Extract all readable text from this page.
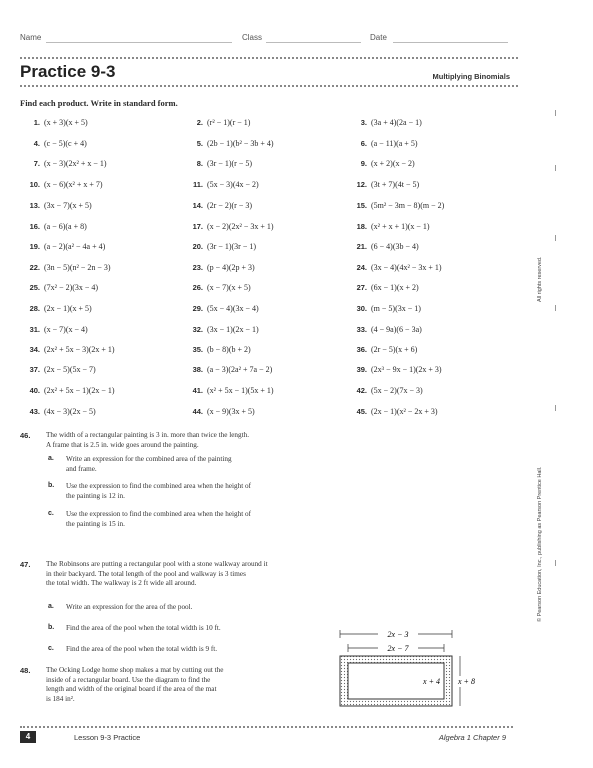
Name	Class	Date
Practice 9-3	Multiplying Binomials
Find each product. Write in standard form.
1. (x + 3)(x + 5)	2. (r² − 1)(r − 1)	3. (3a + 4)(2a − 1)
4. (c − 5)(c + 4)	5. (2b − 1)(b² − 3b + 4)	6. (a − 11)(a + 5)
7. (x − 3)(2x² + x − 1)	8. (3r − 1)(r − 5)	9. (x + 2)(x − 2)
10. (x − 6)(x² + x + 7)	11. (5x − 3)(4x − 2)	12. (3t + 7)(4t − 5)
13. (3x − 7)(x + 5)	14. (2r − 2)(r − 3)	15. (5m² − 3m − 8)(m − 2)
16. (a − 6)(a + 8)	17. (x − 2)(2x² − 3x + 1)	18. (x² + x + 1)(x − 1)
19. (a − 2)(a² − 4a + 4)	20. (3r − 1)(3r − 1)	21. (6 − 4)(3b − 4)
22. (3n − 5)(n² − 2n − 3)	23. (p − 4)(2p + 3)	24. (3x − 4)(4x² − 3x + 1)
25. (7x² − 2)(3x − 4)	26. (x − 7)(x + 5)	27. (6x − 1)(x + 2)
28. (2x − 1)(x + 5)	29. (5x − 4)(3x − 4)	30. (m − 5)(3x − 1)
31. (x − 7)(x − 4)	32. (3x − 1)(2x − 1)	33. (4 − 9a)(6 − 3a)
34. (2x² + 5x − 3)(2x + 1)	35. (b − 8)(b + 2)	36. (2r − 5)(x + 6)
37. (2x − 5)(5x − 7)	38. (a − 3)(2a² + 7a − 2)	39. (2x³ − 9x − 1)(2x + 3)
40. (2x² + 5x − 1)(2x − 1)	41. (x² + 5x − 1)(5x + 1)	42. (5x − 2)(7x − 3)
43. (4x − 3)(2x − 5)	44. (x − 9)(3x + 5)	45. (2x − 1)(x² − 2x + 3)
46. The width of a rectangular painting is 3 in. more than twice the length.
A frame that is 2.5 in. wide goes around the painting.
a. Write an expression for the combined area of the painting
and frame.
b. Use the expression to find the combined area when the height of
the painting is 12 in.
c. Use the expression to find the combined area when the height of
the painting is 15 in.
47. The Robinsons are putting a rectangular pool with a stone walkway around it
in their backyard. The total length of the pool and walkway is 3 times
the total width. The walkway is 2 ft wide all around.
a. Write an expression for the area of the pool.
b. Find the area of the pool when the total width is 10 ft.
c. Find the area of the pool when the total width is 9 ft.
48. The Ocking Lodge home shop makes a mat by cutting out the
inside of a rectangular board. Use the diagram to find the
length and width of the original board if the area of the mat
is 184 in².
2x − 3
2x − 7
x + 4 x + 8
All rights reserved.
© Pearson Education, Inc., publishing as Pearson Prentice Hall.
4	Lesson 9-3 Practice	Algebra 1 Chapter 9
